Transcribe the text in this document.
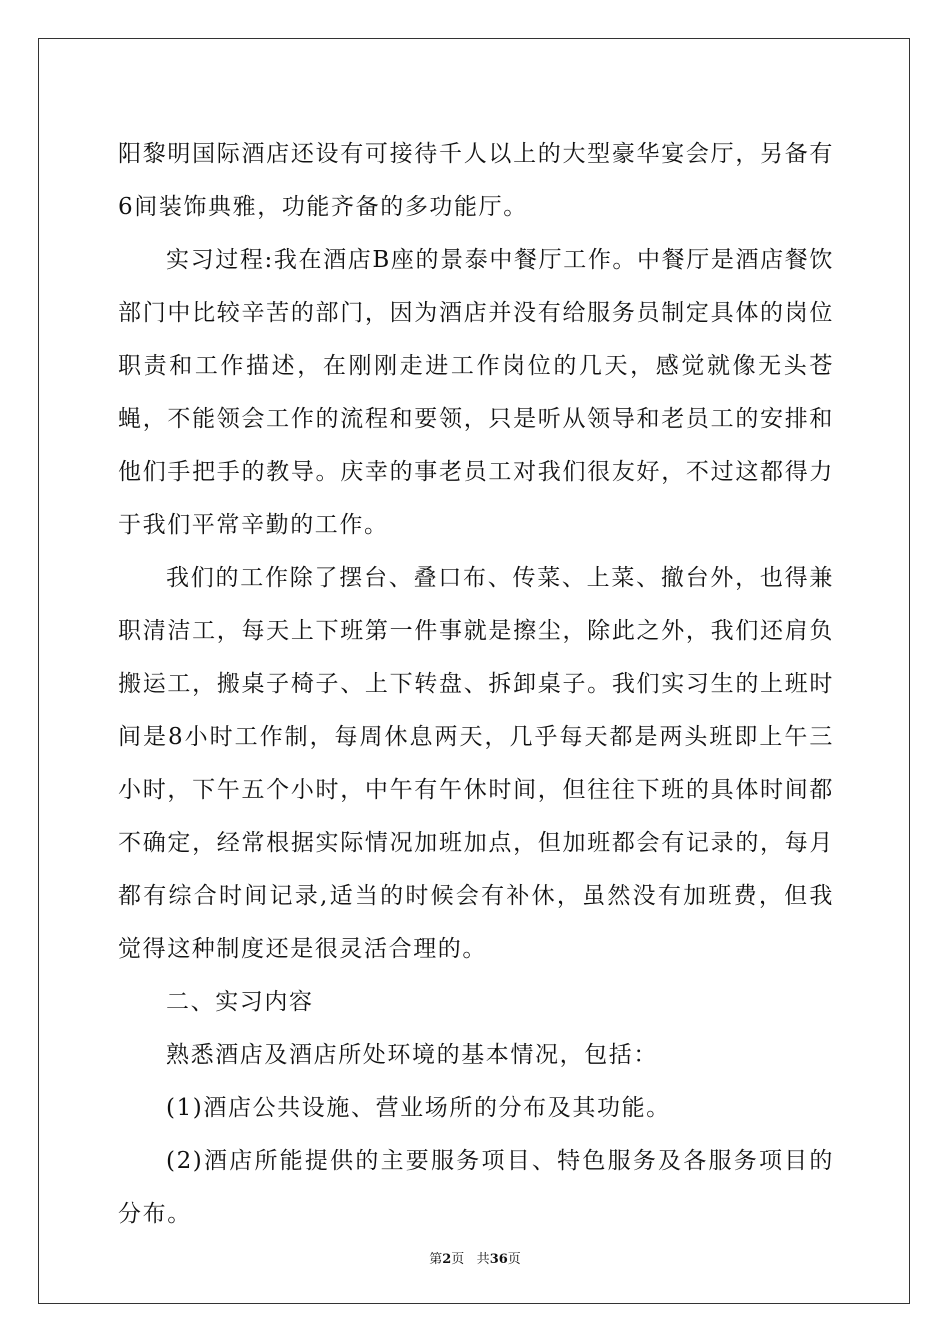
阳黎明国际酒店还设有可接待千人以上的大型豪华宴会厅，另备有6间装饰典雅，功能齐备的多功能厅。

实习过程:我在酒店B座的景泰中餐厅工作。中餐厅是酒店餐饮部门中比较辛苦的部门，因为酒店并没有给服务员制定具体的岗位职责和工作描述，在刚刚走进工作岗位的几天，感觉就像无头苍蝇，不能领会工作的流程和要领，只是听从领导和老员工的安排和他们手把手的教导。庆幸的事老员工对我们很友好，不过这都得力于我们平常辛勤的工作。

我们的工作除了摆台、叠口布、传菜、上菜、撤台外，也得兼职清洁工，每天上下班第一件事就是擦尘，除此之外，我们还肩负搬运工，搬桌子椅子、上下转盘、拆卸桌子。我们实习生的上班时间是8小时工作制，每周休息两天，几乎每天都是两头班即上午三小时，下午五个小时，中午有午休时间，但往往下班的具体时间都不确定，经常根据实际情况加班加点，但加班都会有记录的，每月都有综合时间记录,适当的时候会有补休，虽然没有加班费，但我觉得这种制度还是很灵活合理的。

二、实习内容

熟悉酒店及酒店所处环境的基本情况，包括：

(1)酒店公共设施、营业场所的分布及其功能。

(2)酒店所能提供的主要服务项目、特色服务及各服务项目的分布。

第2页 共36页
